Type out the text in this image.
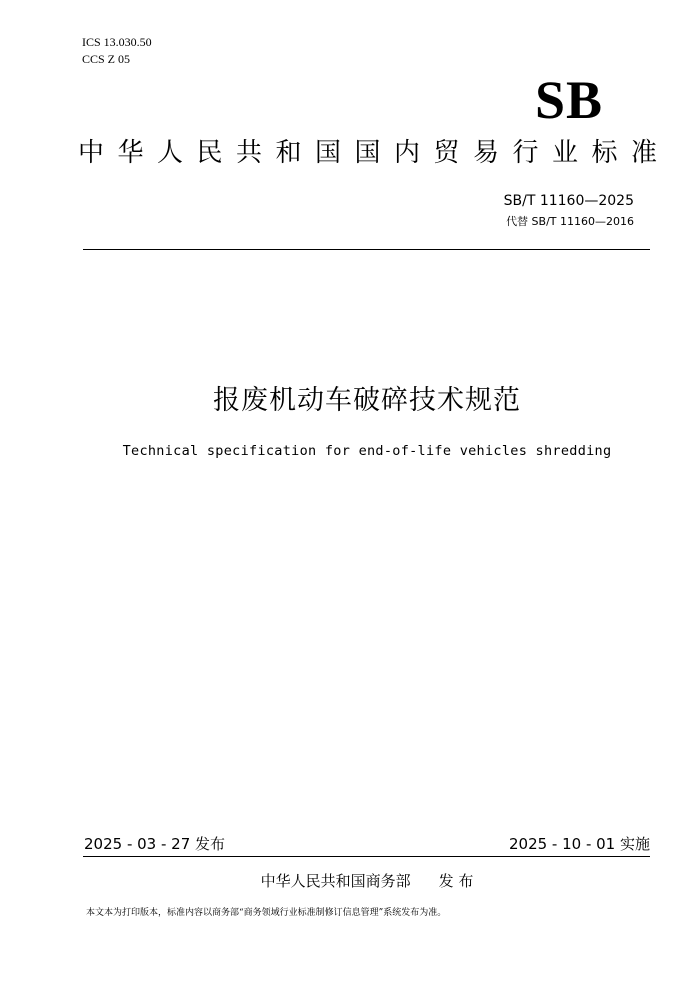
ICS 13.030.50
CCS Z 05
SB
中华人民共和国国内贸易行业标准
SB/T 11160—2025
代替 SB/T 11160—2016
报废机动车破碎技术规范
Technical specification for end-of-life vehicles shredding
2025 - 03 - 27 发布	2025 - 10 - 01 实施
中华人民共和国商务部 发 布
本文本为打印版本，标准内容以商务部“商务领域行业标准制修订信息管理”系统发布为准。
